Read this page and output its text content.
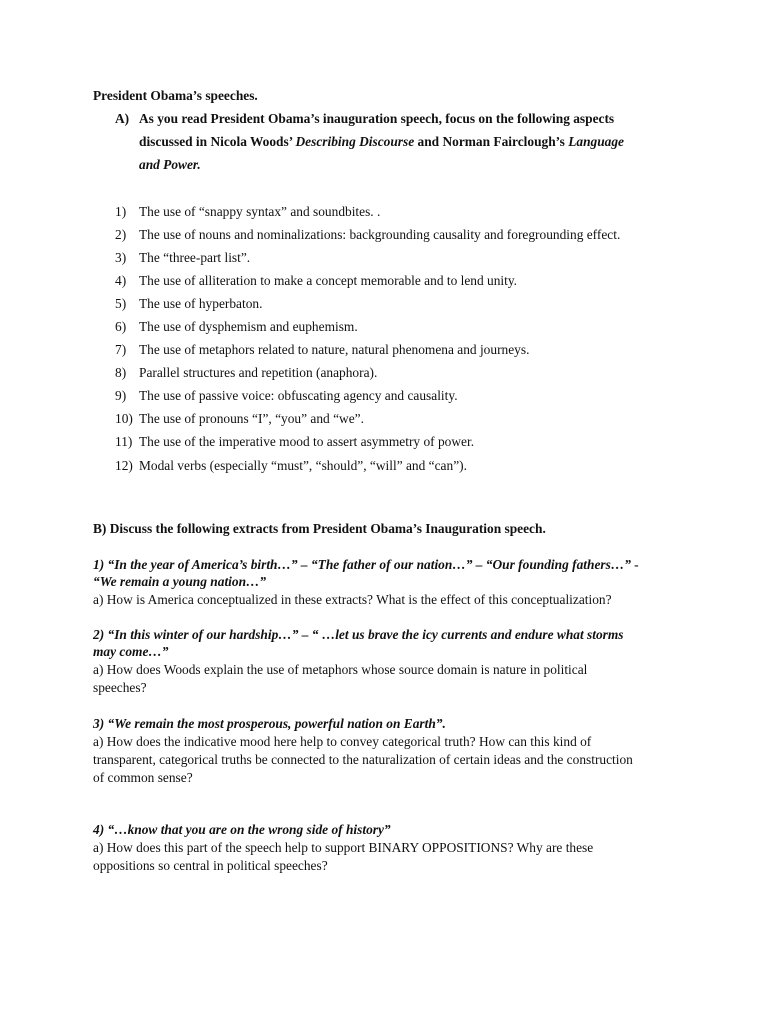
President Obama’s speeches.
A) As you read President Obama’s inauguration speech, focus on the following aspects
discussed in Nicola Woods’ Describing Discourse and Norman Fairclough’s Language
and Power.
1) The use of “snappy syntax” and soundbites. .
2) The use of nouns and nominalizations: backgrounding causality and foregrounding effect.
3) The “three-part list”.
4) The use of alliteration to make a concept memorable and to lend unity.
5) The use of hyperbaton.
6) The use of dysphemism and euphemism.
7) The use of metaphors related to nature, natural phenomena and journeys.
8) Parallel structures and repetition (anaphora).
9) The use of passive voice: obfuscating agency and causality.
10) The use of pronouns “I”, “you” and “we”.
11) The use of the imperative mood to assert asymmetry of power.
12) Modal verbs (especially “must”, “should”, “will” and “can”).
B) Discuss the following extracts from President Obama’s Inauguration speech.
1) “In the year of America’s birth…” – “The father of our nation…” – “Our founding fathers…” -
“We remain a young nation…”
a) How is America conceptualized in these extracts? What is the effect of this conceptualization?
2) “In this winter of our hardship…” – “ …let us brave the icy currents and endure what storms
may come…”
a) How does Woods explain the use of metaphors whose source domain is nature in political
speeches?
3) “We remain the most prosperous, powerful nation on Earth”.
a) How does the indicative mood here help to convey categorical truth? How can this kind of
transparent, categorical truths be connected to the naturalization of certain ideas and the construction
of common sense?
4) “…know that you are on the wrong side of history”
a) How does this part of the speech help to support BINARY OPPOSITIONS? Why are these
oppositions so central in political speeches?
